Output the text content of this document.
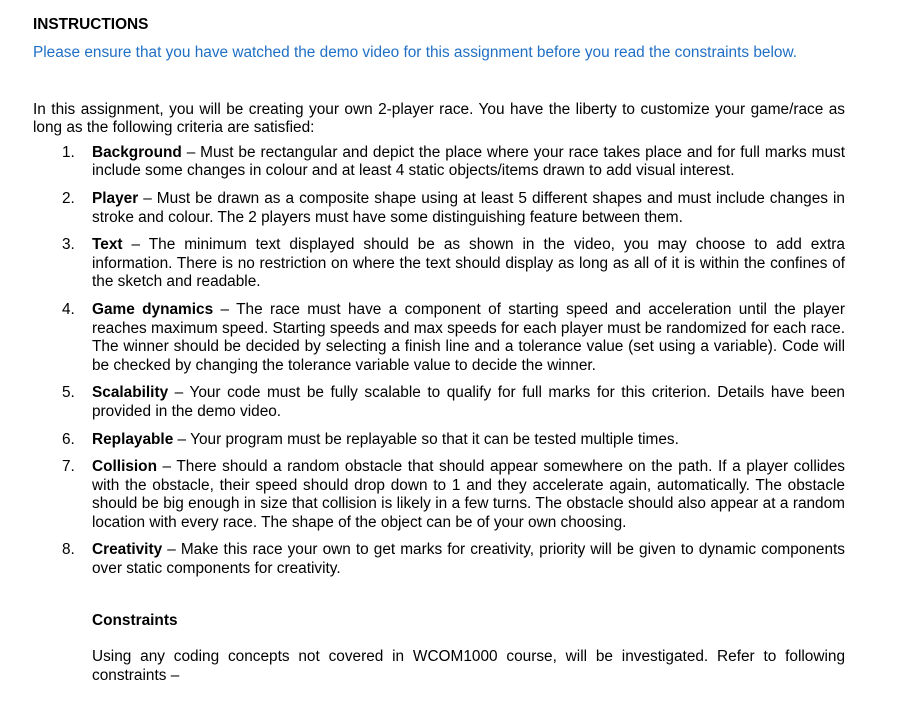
INSTRUCTIONS
Please ensure that you have watched the demo video for this assignment before you read the constraints below.
In this assignment, you will be creating your own 2-player race. You have the liberty to customize your game/race as long as the following criteria are satisfied:
1. Background – Must be rectangular and depict the place where your race takes place and for full marks must include some changes in colour and at least 4 static objects/items drawn to add visual interest.
2. Player – Must be drawn as a composite shape using at least 5 different shapes and must include changes in stroke and colour. The 2 players must have some distinguishing feature between them.
3. Text – The minimum text displayed should be as shown in the video, you may choose to add extra information. There is no restriction on where the text should display as long as all of it is within the confines of the sketch and readable.
4. Game dynamics – The race must have a component of starting speed and acceleration until the player reaches maximum speed. Starting speeds and max speeds for each player must be randomized for each race. The winner should be decided by selecting a finish line and a tolerance value (set using a variable). Code will be checked by changing the tolerance variable value to decide the winner.
5. Scalability – Your code must be fully scalable to qualify for full marks for this criterion. Details have been provided in the demo video.
6. Replayable – Your program must be replayable so that it can be tested multiple times.
7. Collision – There should a random obstacle that should appear somewhere on the path. If a player collides with the obstacle, their speed should drop down to 1 and they accelerate again, automatically. The obstacle should be big enough in size that collision is likely in a few turns. The obstacle should also appear at a random location with every race. The shape of the object can be of your own choosing.
8. Creativity – Make this race your own to get marks for creativity, priority will be given to dynamic components over static components for creativity.
Constraints
Using any coding concepts not covered in WCOM1000 course, will be investigated. Refer to following constraints –
